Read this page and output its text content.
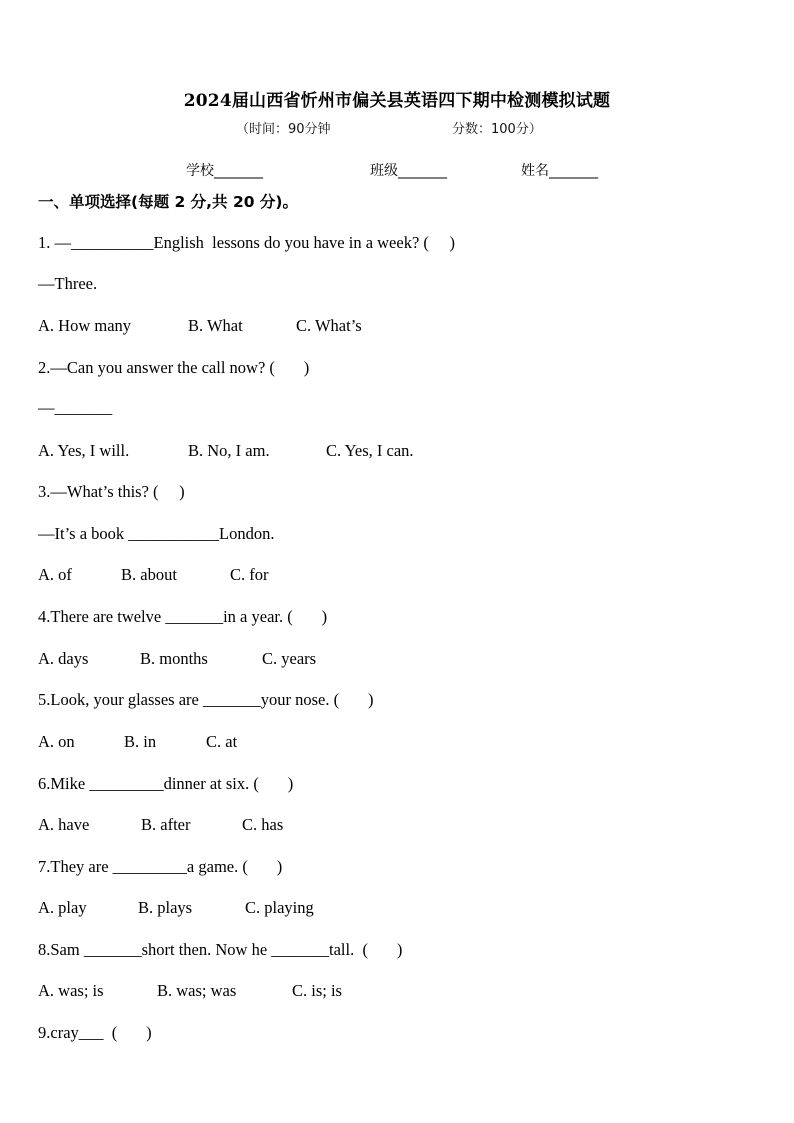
2024届山西省忻州市偏关县英语四下期中检测模拟试题
（时间：90分钟	分数：100分）
学校_______	班级_______	姓名_______
一、单项选择(每题 2 分,共 20 分)。
1. —__________English  lessons do you have in a week? (     )
—Three.
A. How many	B. What	C. What’s
2.—Can you answer the call now? (       )
—_______
A. Yes, I will.	B. No, I am.	C. Yes, I can.
3.—What’s this? (     )
—It’s a book ___________London.
A. of	B. about	C. for
4.There are twelve _______in a year. (       )
A. days	B. months	C. years
5.Look, your glasses are _______your nose. (       )
A. on	B. in	C. at
6.Mike _________dinner at six. (       )
A. have	B. after	C. has
7.They are _________a game. (       )
A. play	B. plays	C. playing
8.Sam _______short then. Now he _______tall.  (       )
A. was; is	B. was; was	C. is; is
9.cray___  (       )
